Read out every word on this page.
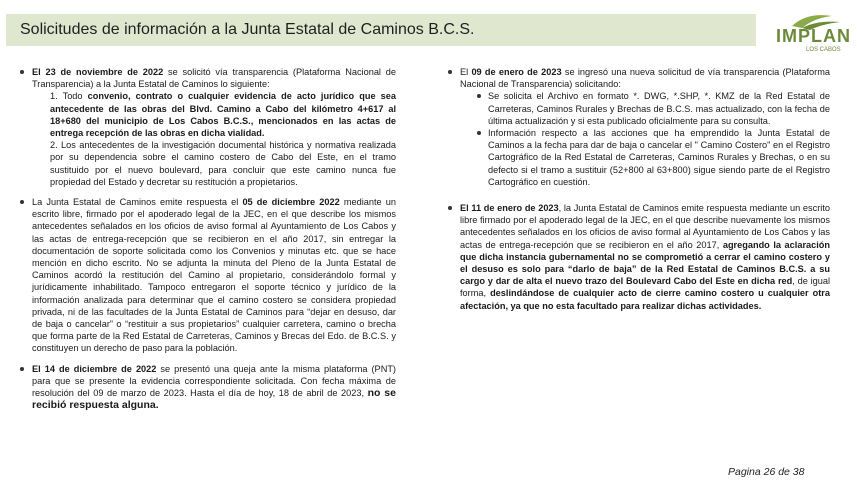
Solicitudes de información a la Junta Estatal de Caminos B.C.S.	IMPLAN
LOS CABOS
El 23 de noviembre de 2022 se solicitó vía transparencia (Plataforma Nacional de Transparencia) a la Junta Estatal de Caminos lo siguiente:
1. Todo convenio, contrato o cualquier evidencia de acto jurídico que sea antecedente de las obras del Blvd. Camino a Cabo del kilómetro 4+617 al 18+680 del municipio de Los Cabos B.C.S., mencionados en las actas de entrega recepción de las obras en dicha vialidad.
2. Los antecedentes de la investigación documental histórica y normativa realizada por su dependencia sobre el camino costero de Cabo del Este, en el tramo sustituido por el nuevo boulevard, para concluir que este camino nunca fue propiedad del Estado y decretar su restitución a propietarios.
La Junta Estatal de Caminos emite respuesta el 05 de diciembre 2022 mediante un escrito libre, firmado por el apoderado legal de la JEC, en el que describe los mismos antecedentes señalados en los oficios de aviso formal al Ayuntamiento de Los Cabos y las actas de entrega-recepción que se recibieron en el año 2017, sin entregar la documentación de soporte solicitada como los Convenios y minutas etc. que se hace mención en dicho escrito. No se adjunta la minuta del Pleno de la Junta Estatal de Caminos acordó la restitución del Camino al propietario, considerándolo formal y jurídicamente inhabilitado. Tampoco entregaron el soporte técnico y jurídico de la información analizada para determinar que el camino costero se considera propiedad privada, ni de las facultades de la Junta Estatal de Caminos para “dejar en desuso, dar de baja o cancelar” o “restituir a sus propietarios” cualquier carretera, camino o brecha que forma parte de la Red Estatal de Carreteras, Caminos y Brecas del Edo. de B.C.S. y constituyen un derecho de paso para la población.
El 14 de diciembre de 2022 se presentó una queja ante la misma plataforma (PNT) para que se presente la evidencia correspondiente solicitada. Con fecha máxima de resolución del 09 de marzo de 2023. Hasta el día de hoy, 18 de abril de 2023, no se recibió respuesta alguna.
El 09 de enero de 2023 se ingresó una nueva solicitud de vía transparencia (Plataforma Nacional de Transparencia) solicitando:
Se solicita el Archivo en formato *. DWG, *.SHP, *. KMZ de la Red Estatal de Carreteras, Caminos Rurales y Brechas de B.C.S. mas actualizado, con la fecha de última actualización y si esta publicado oficialmente para su consulta.
Información respecto a las acciones que ha emprendido la Junta Estatal de Caminos a la fecha para dar de baja o cancelar el " Camino Costero" en el Registro Cartográfico de la Red Estatal de Carreteras, Caminos Rurales y Brechas, o en su defecto si el tramo a sustituir (52+800 al 63+800) sigue siendo parte de el Registro Cartográfico en cuestión.
El 11 de enero de 2023, la Junta Estatal de Caminos emite respuesta mediante un escrito libre firmado por el apoderado legal de la JEC, en el que describe nuevamente los mismos antecedentes señalados en los oficios de aviso formal al Ayuntamiento de Los Cabos y las actas de entrega-recepción que se recibieron en el año 2017, agregando la aclaración que dicha instancia gubernamental no se comprometió a cerrar el camino costero y el desuso es solo para “darlo de baja” de la Red Estatal de Caminos B.C.S. a su cargo y dar de alta el nuevo trazo del Boulevard Cabo del Este en dicha red, de igual forma, deslindándose de cualquier acto de cierre camino costero u cualquier otra afectación, ya que no esta facultado para realizar dichas actividades.
Pagina 26 de 38
